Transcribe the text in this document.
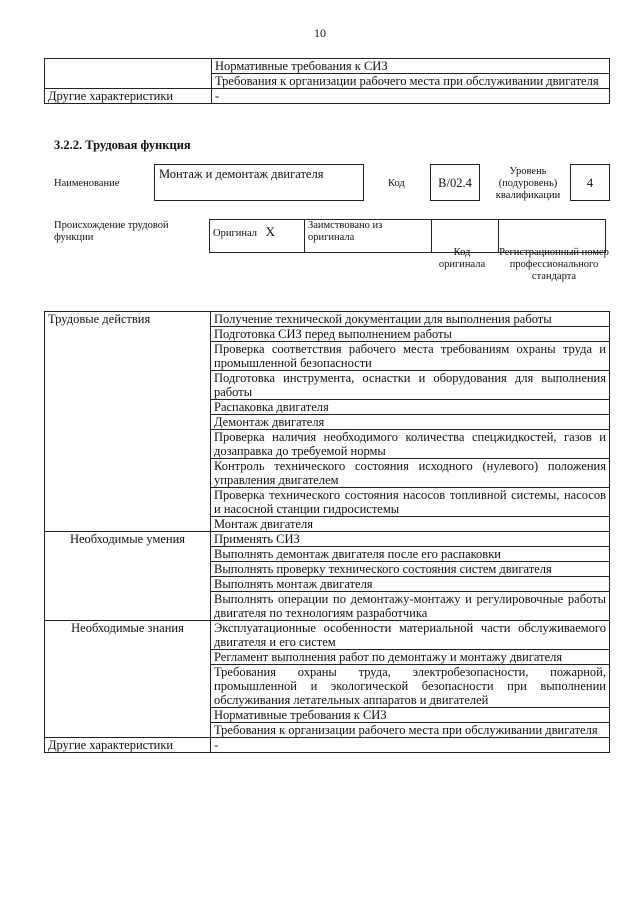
10
	Нормативные требования к СИЗ
	Требования к организации рабочего места при обслуживании двигателя
Другие характеристики	-
3.2.2. Трудовая функция
Наименование
Монтаж и демонтаж двигателя
Код	B/02.4
Уровень (подуровень) квалификации
4
Происхождение трудовой функции	Оригинал X	Заимствовано из оригинала		
Код оригинала
Регистрационный номер профессионального стандарта
Трудовые действия	Получение технической документации для выполнения работы
	Подготовка СИЗ перед выполнением работы
	Проверка соответствия рабочего места требованиям охраны труда и промышленной безопасности
	Подготовка инструмента, оснастки и оборудования для выполнения работы
	Распаковка двигателя
	Демонтаж двигателя
	Проверка наличия необходимого количества спецжидкостей, газов и дозаправка до требуемой нормы
	Контроль технического состояния исходного (нулевого) положения управления двигателем
	Проверка технического состояния насосов топливной системы, насосов и насосной станции гидросистемы
	Монтаж двигателя
Необходимые умения	Применять СИЗ
	Выполнять демонтаж двигателя после его распаковки
	Выполнять проверку технического состояния систем двигателя
	Выполнять монтаж двигателя
	Выполнять операции по демонтажу-монтажу и регулировочные работы двигателя по технологиям разработчика
Необходимые знания	Эксплуатационные особенности материальной части обслуживаемого двигателя и его систем
	Регламент выполнения работ по демонтажу и монтажу двигателя
	Требования охраны труда, электробезопасности, пожарной, промышленной и экологической безопасности при выполнении обслуживания летательных аппаратов и двигателей
	Нормативные требования к СИЗ
	Требования к организации рабочего места при обслуживании двигателя
Другие характеристики	-
